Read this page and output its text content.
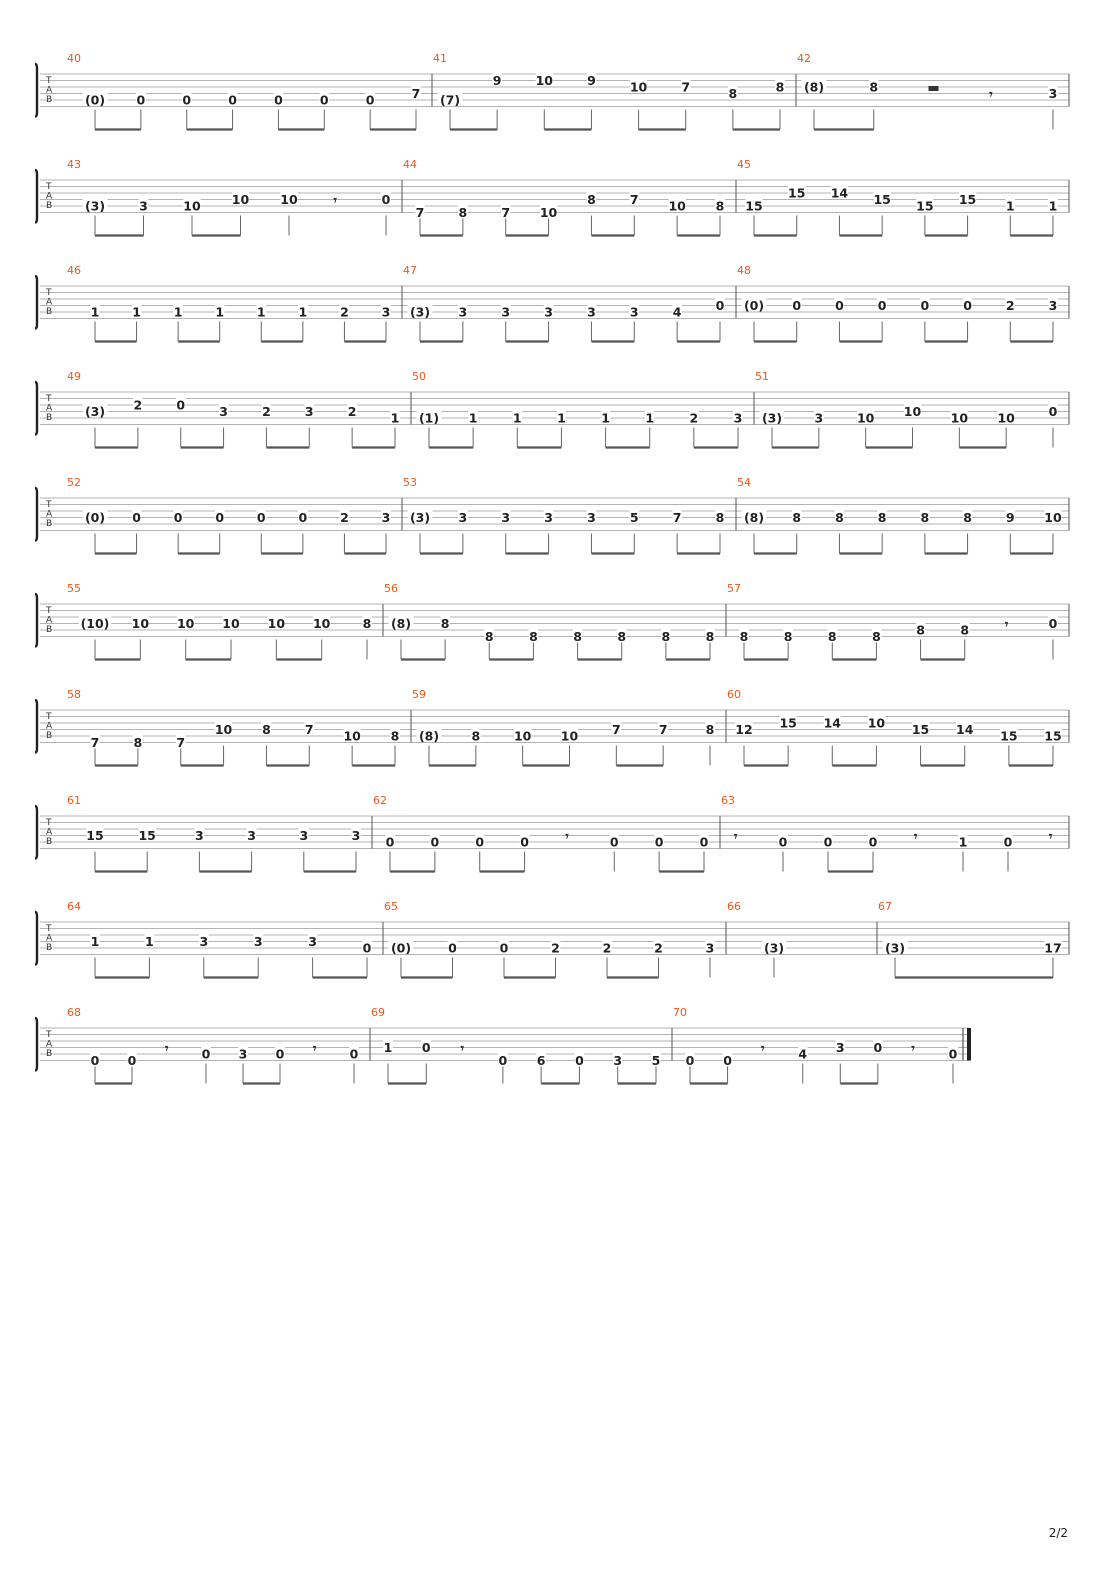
T
A
B
40
(0)	0	0	0	0	0	0	7
41
(7)
9	10	9	10	7	8	8
42
(8)	8	𝄾	3
T
A
B
43
(3)	3	10 10 10	𝄾	0
44
7	8	7 10
8	7 10 8
45
15
15 14 15 15 15 1	1
T
A
B
46
1	1	1	1	1	1	2	3
47
(3) 3	3	3	3	3	4	0
48
(0) 0	0	0	0	0	2	3
T
A
B
49
(3) 2	0	3	2	3	2	1
50
(1) 1	1	1	1	1	2	3
51
(3)	3	10 10 10 10	0
T
A
B
52
(0) 0	0	0	0	0	2	3
53
(3) 3	3	3	3	5	7	8
54
(8) 8	8	8	8	8	9 10
T
A
B
55
(10) 10 10 10 10 10	8
56
(8) 8
8	8	8	8	8	8
57
8	8	8	8	8	8	𝄾	0
T
A
B
58
7	8	7
10 8	7 10 8
59
(8)	8	10 10	7	7	8
60
12 15 14 10 15 14 15 15
T
A
B
61
15	15	3	3	3	3
62
0	0	0	0	𝄾	0	0	0
63
𝄾	0	0	0	𝄾	1	0	𝄾
T
A
B
64
1	1	3	3	3	0
65
(0)	0	0	2	2	2	3
66
(3)
67
(3)	17
T
A
B
68
0 0
𝄾	0 3 0 𝄾	0
69
1 0 𝄾
0 6 0 3 5
70
0 0
𝄾	4 3 0 𝄾	0
2/2
